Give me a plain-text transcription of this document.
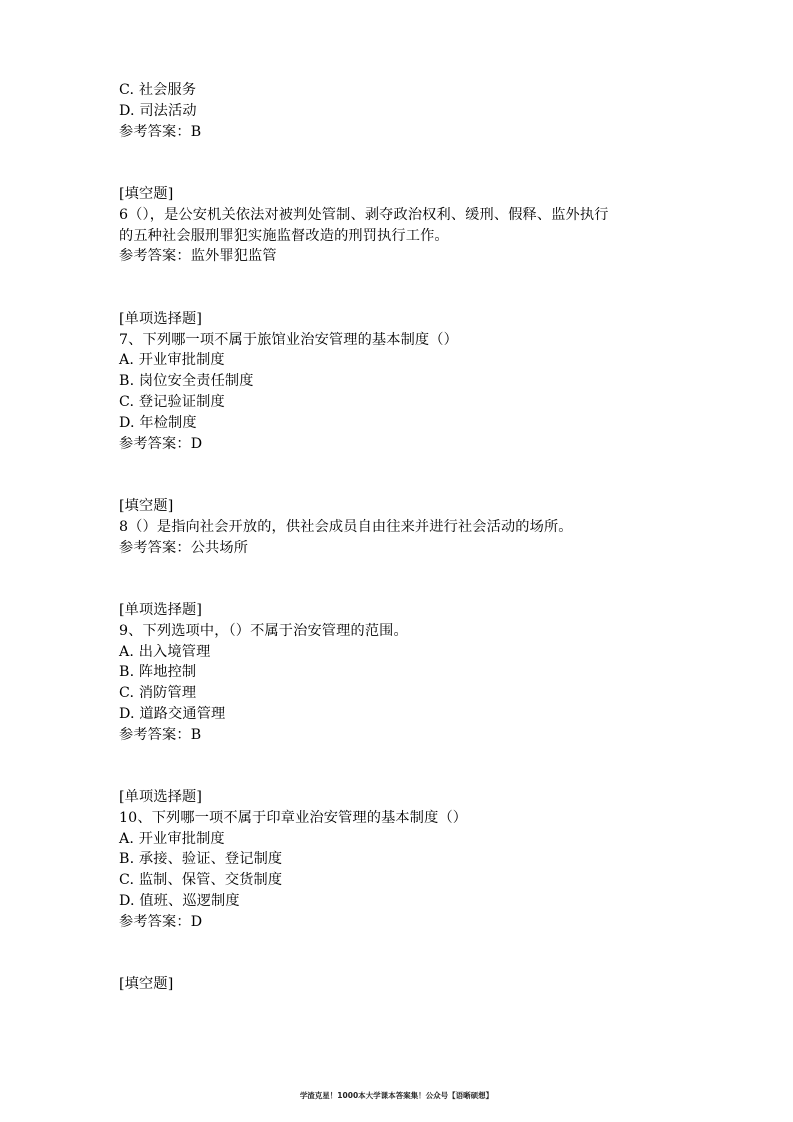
C. 社会服务
D. 司法活动
参考答案：B
[填空题]
6（），是公安机关依法对被判处管制、剥夺政治权利、缓刑、假释、监外执行
的五种社会服刑罪犯实施监督改造的刑罚执行工作。
参考答案：监外罪犯监管
[单项选择题]
7、下列哪一项不属于旅馆业治安管理的基本制度（）
A. 开业审批制度
B. 岗位安全责任制度
C. 登记验证制度
D. 年检制度
参考答案：D
[填空题]
8（）是指向社会开放的，供社会成员自由往来并进行社会活动的场所。
参考答案：公共场所
[单项选择题]
9、下列选项中，（）不属于治安管理的范围。
A. 出入境管理
B. 阵地控制
C. 消防管理
D. 道路交通管理
参考答案：B
[单项选择题]
10、下列哪一项不属于印章业治安管理的基本制度（）
A. 开业审批制度
B. 承接、验证、登记制度
C. 监制、保管、交货制度
D. 值班、巡逻制度
参考答案：D
[填空题]
学渣克星！1000本大学课本答案集！公众号【语晰硕想】
